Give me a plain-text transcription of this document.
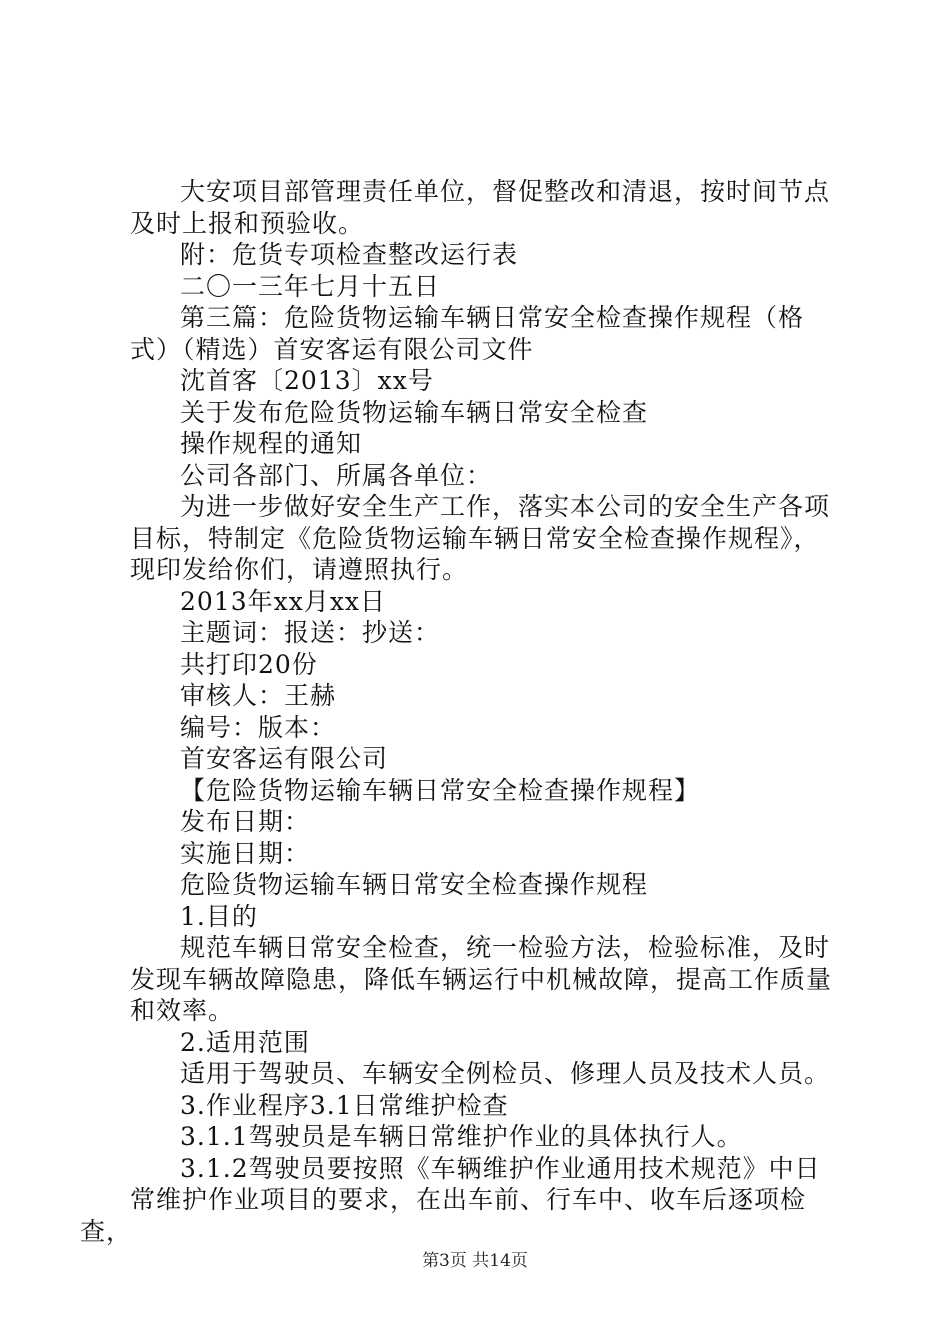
大安项目部管理责任单位，督促整改和清退，按时间节点
及时上报和预验收。

附：危货专项检查整改运行表

二〇一三年七月十五日

第三篇：危险货物运输车辆日常安全检查操作规程（格
式）（精选）首安客运有限公司文件

沈首客〔2013〕xx号

关于发布危险货物运输车辆日常安全检查

操作规程的通知

公司各部门、所属各单位：

为进一步做好安全生产工作，落实本公司的安全生产各项
目标，特制定《危险货物运输车辆日常安全检查操作规程》，
现印发给你们，请遵照执行。

2013年xx月xx日

主题词：报送：抄送：

共打印20份

审核人：王赫

编号：版本：

首安客运有限公司

【危险货物运输车辆日常安全检查操作规程】

发布日期：

实施日期：

危险货物运输车辆日常安全检查操作规程

1.目的

规范车辆日常安全检查，统一检验方法，检验标准，及时
发现车辆故障隐患，降低车辆运行中机械故障，提高工作质量
和效率。

2.适用范围

适用于驾驶员、车辆安全例检员、修理人员及技术人员。

3.作业程序3.1日常维护检查

3.1.1驾驶员是车辆日常维护作业的具体执行人。

3.1.2驾驶员要按照《车辆维护作业通用技术规范》中日
常维护作业项目的要求，在出车前、行车中、收车后逐项检查，

第3页 共14页
